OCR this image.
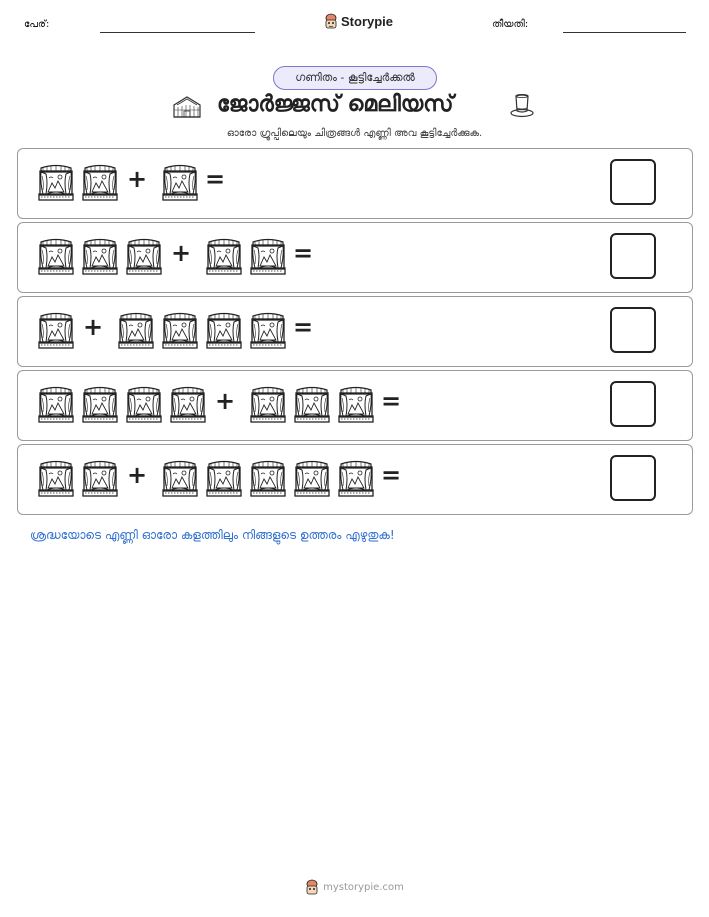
പേര്:	Storypie	തീയതി:
ഗണിതം - കൂട്ടിച്ചേർക്കൽ
ജോർജ്ജസ് മെലിയസ്
ഓരോ ഗ്രൂപ്പിലെയും ചിത്രങ്ങൾ എണ്ണി അവ കൂട്ടിച്ചേർക്കുക.
+ =
+	=
+	=
+	=
+	=
ശ്രദ്ധയോടെ എണ്ണി ഓരോ കളത്തിലും നിങ്ങളുടെ ഉത്തരം എഴുതുക!
mystorypie.com
